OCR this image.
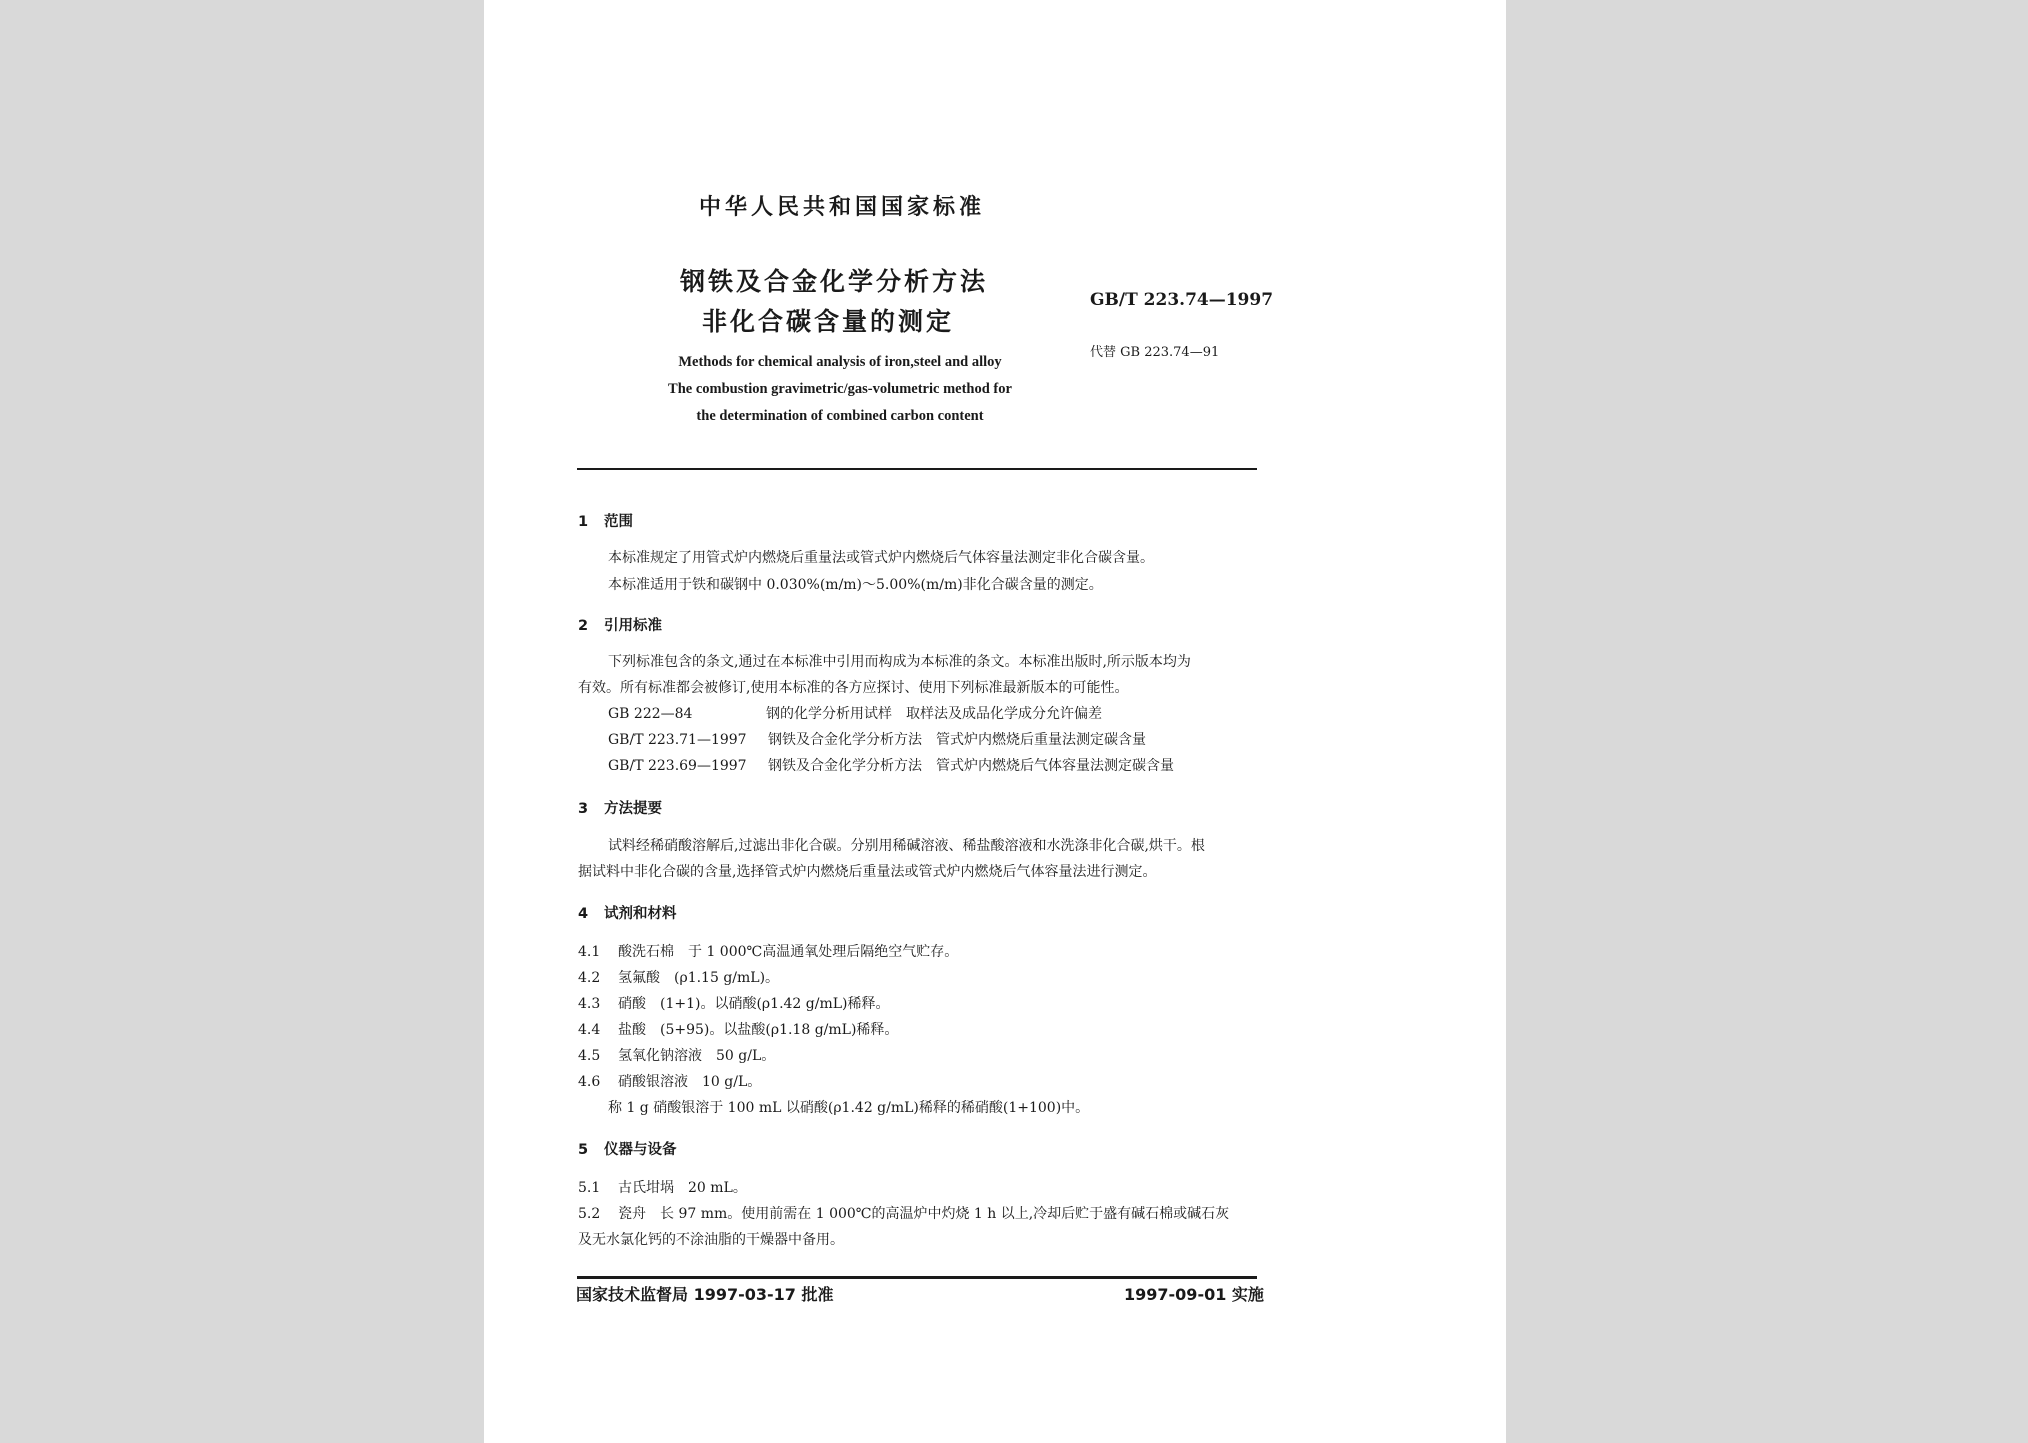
中华人民共和国国家标准
钢铁及合金化学分析方法
非化合碳含量的测定
GB/T 223.74—1997
代替 GB 223.74—91
Methods for chemical analysis of iron,steel and alloy
The combustion gravimetric/gas-volumetric method for
the determination of combined carbon content
1 范围
本标准规定了用管式炉内燃烧后重量法或管式炉内燃烧后气体容量法测定非化合碳含量。
本标准适用于铁和碳钢中 0.030%(m/m)～5.00%(m/m)非化合碳含量的测定。
2 引用标准
下列标准包含的条文,通过在本标准中引用而构成为本标准的条文。本标准出版时,所示版本均为
有效。所有标准都会被修订,使用本标准的各方应探讨、使用下列标准最新版本的可能性。
GB 222—84	钢的化学分析用试样　取样法及成品化学成分允许偏差
GB/T 223.71—1997 钢铁及合金化学分析方法　管式炉内燃烧后重量法测定碳含量
GB/T 223.69—1997 钢铁及合金化学分析方法　管式炉内燃烧后气体容量法测定碳含量
3 方法提要
试料经稀硝酸溶解后,过滤出非化合碳。分别用稀碱溶液、稀盐酸溶液和水洗涤非化合碳,烘干。根
据试料中非化合碳的含量,选择管式炉内燃烧后重量法或管式炉内燃烧后气体容量法进行测定。
4 试剂和材料
4.1 酸洗石棉　于 1 000℃高温通氧处理后隔绝空气贮存。
4.2 氢氟酸　(ρ1.15 g/mL)。
4.3 硝酸　(1+1)。以硝酸(ρ1.42 g/mL)稀释。
4.4 盐酸　(5+95)。以盐酸(ρ1.18 g/mL)稀释。
4.5 氢氧化钠溶液　50 g/L。
4.6 硝酸银溶液　10 g/L。
称 1 g 硝酸银溶于 100 mL 以硝酸(ρ1.42 g/mL)稀释的稀硝酸(1+100)中。
5 仪器与设备
5.1 古氏坩埚　20 mL。
5.2 瓷舟　长 97 mm。使用前需在 1 000℃的高温炉中灼烧 1 h 以上,冷却后贮于盛有碱石棉或碱石灰
及无水氯化钙的不涂油脂的干燥器中备用。
国家技术监督局 1997-03-17 批准	1997-09-01 实施
